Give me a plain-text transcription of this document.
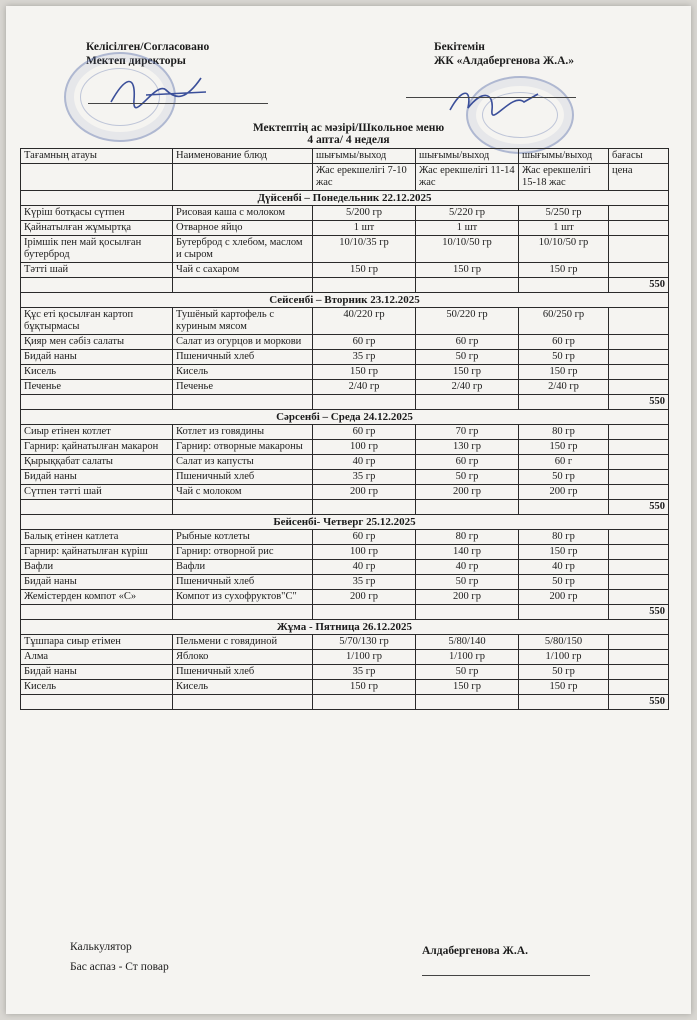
Келісілген/Согласовано
Мектеп директоры
Бекітемін
ЖК «Алдабергенова Ж.А.»
Мектептің ас мәзірі/Школьное меню
4 апта/ 4 неделя
Тағамның атауы	Наименование блюд	шығымы/выход	шығымы/выход	шығымы/выход	бағасы
		Жас ерекшелігі 7-10 жас	Жас ерекшелігі 11-14 жас	Жас ерекшелігі 15-18 жас	цена
Дүйсенбі – Понедельник 22.12.2025					
Күріш ботқасы сүтпен	Рисовая каша с молоком	5/200 гр	5/220 гр	5/250 гр	
Қайнатылған жұмыртқа	Отварное яйцо	1 шт	1 шт	1 шт	
Ірімшік пен май қосылған бутерброд	Бутерброд с хлебом, маслом и сыром	10/10/35 гр	10/10/50 гр	10/10/50 гр	
Тәтті шай	Чай с сахаром	150 гр	150 гр	150 гр	
					550
Сейсенбі – Вторник 23.12.2025					
Құс еті қосылған картоп бұқтырмасы	Тушёный картофель с куриным мясом	40/220 гр	50/220 гр	60/250 гр	
Қияр мен сәбіз салаты	Салат из огурцов и моркови	60 гр	60 гр	60 гр	
Бидай наны	Пшеничный хлеб	35 гр	50 гр	50 гр	
Кисель	Кисель	150 гр	150 гр	150 гр	
Печенье	Печенье	2/40 гр	2/40 гр	2/40 гр	
					550
Сәрсенбі – Среда 24.12.2025					
Сиыр етінен котлет	Котлет из говядины	60 гр	70 гр	80 гр	
Гарнир: қайнатылған макарон	Гарнир: отворные макароны	100 гр	130 гр	150 гр	
Қырыққабат салаты	Салат из капусты	40 гр	60 гр	60 г	
Бидай наны	Пшеничный хлеб	35 гр	50 гр	50 гр	
Сүтпен тәтті шай	Чай с молоком	200 гр	200 гр	200 гр	
					550
Бейсенбі- Четверг 25.12.2025					
Балық етінен катлета	Рыбные котлеты	60 гр	80 гр	80 гр	
Гарнир: қайнатылған күріш	Гарнир: отворной рис	100 гр	140 гр	150 гр	
Вафли	Вафли	40 гр	40 гр	40 гр	
Бидай наны	Пшеничный хлеб	35 гр	50 гр	50 гр	
Жемістерден компот «С»	Компот из сухофруктов"С"	200 гр	200 гр	200 гр	
					550
Жұма - Пятница 26.12.2025					
Тұшпара сиыр етімен	Пельмени с говядиной	5/70/130 гр	5/80/140	5/80/150	
Алма	Яблоко	1/100 гр	1/100 гр	1/100 гр	
Бидай наны	Пшеничный хлеб	35 гр	50 гр	50 гр	
Кисель	Кисель	150 гр	150 гр	150 гр	
					550
Калькулятор
Бас аспаз - Ст повар
Алдабергенова Ж.А.
